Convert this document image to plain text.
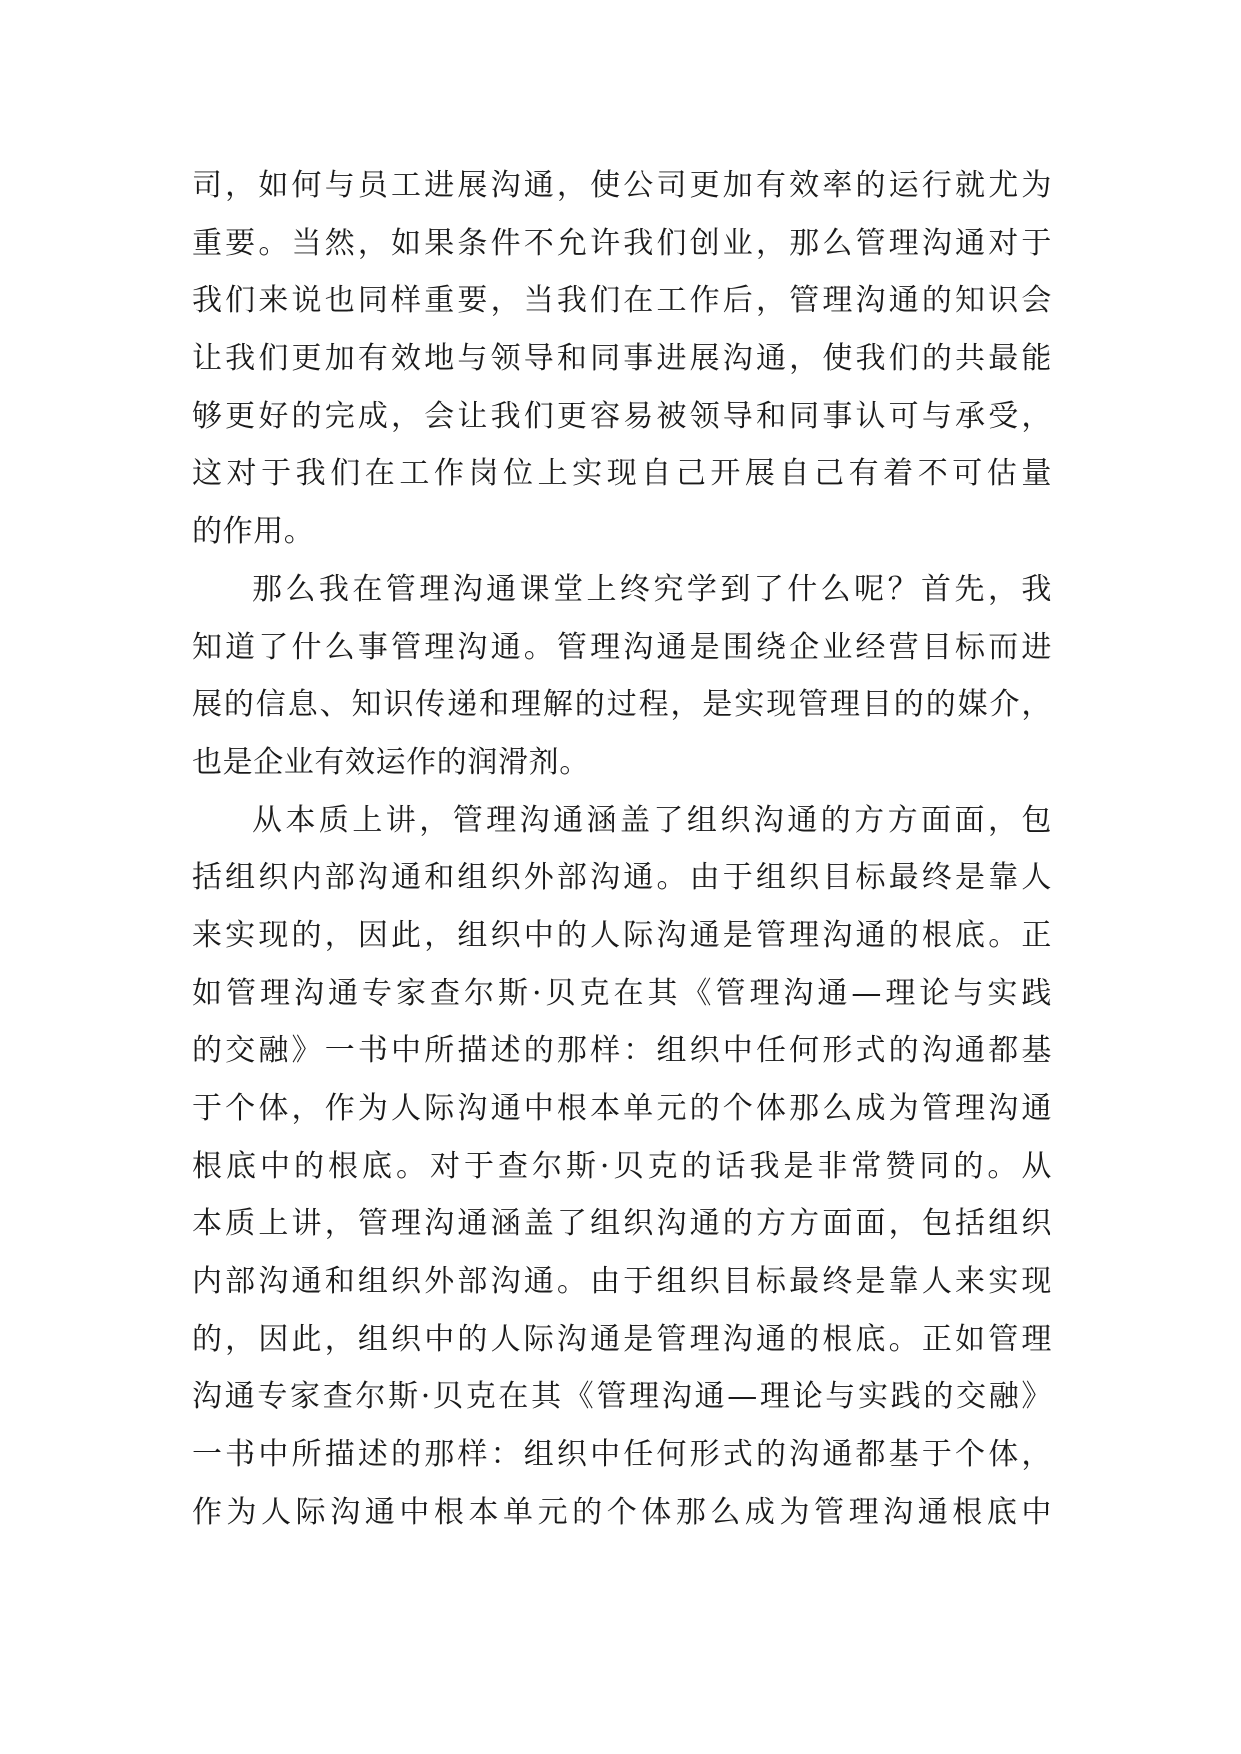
司，如何与员工进展沟通，使公司更加有效率的运行就尤为
重要。当然，如果条件不允许我们创业，那么管理沟通对于
我们来说也同样重要，当我们在工作后，管理沟通的知识会
让我们更加有效地与领导和同事进展沟通，使我们的共最能
够更好的完成，会让我们更容易被领导和同事认可与承受，
这对于我们在工作岗位上实现自己开展自己有着不可估量
的作用。
那么我在管理沟通课堂上终究学到了什么呢？首先，我
知道了什么事管理沟通。管理沟通是围绕企业经营目标而进
展的信息、知识传递和理解的过程，是实现管理目的的媒介，
也是企业有效运作的润滑剂。
从本质上讲，管理沟通涵盖了组织沟通的方方面面，包
括组织内部沟通和组织外部沟通。由于组织目标最终是靠人
来实现的，因此，组织中的人际沟通是管理沟通的根底。正
如管理沟通专家查尔斯·贝克在其《管理沟通—理论与实践
的交融》一书中所描述的那样：组织中任何形式的沟通都基
于个体，作为人际沟通中根本单元的个体那么成为管理沟通
根底中的根底。对于查尔斯·贝克的话我是非常赞同的。从
本质上讲，管理沟通涵盖了组织沟通的方方面面，包括组织
内部沟通和组织外部沟通。由于组织目标最终是靠人来实现
的，因此，组织中的人际沟通是管理沟通的根底。正如管理
沟通专家查尔斯·贝克在其《管理沟通—理论与实践的交融》
一书中所描述的那样：组织中任何形式的沟通都基于个体，
作为人际沟通中根本单元的个体那么成为管理沟通根底中
